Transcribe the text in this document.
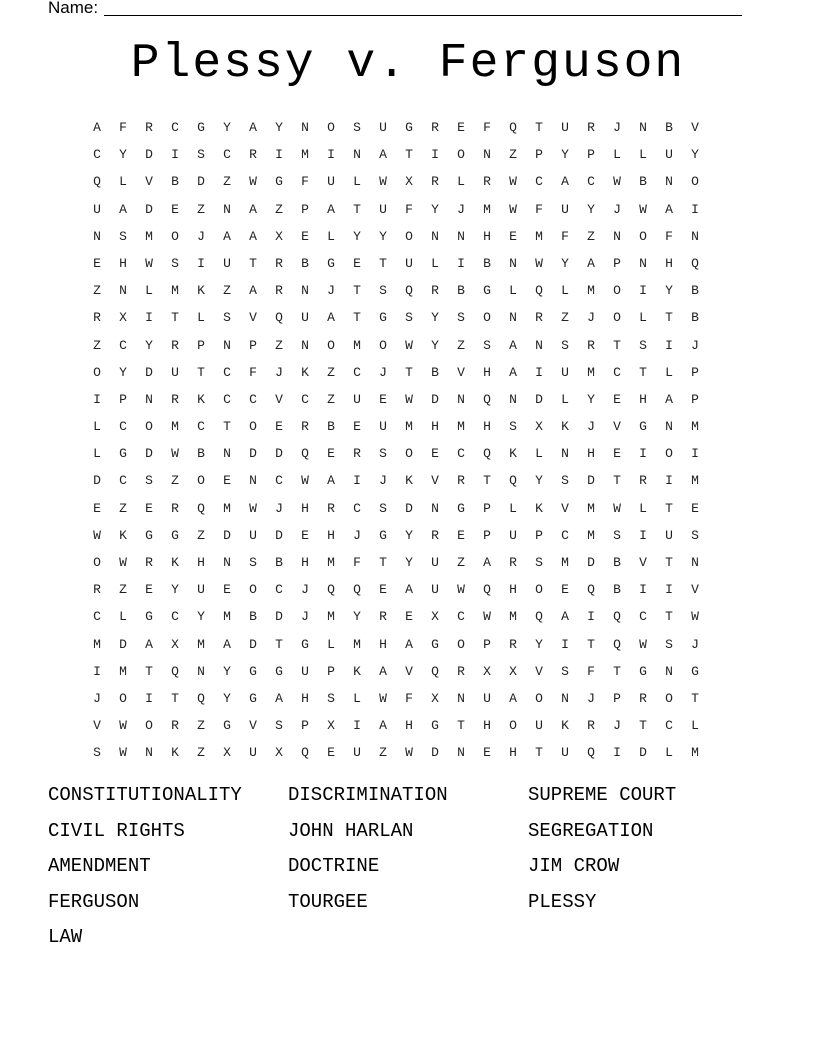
Name:
Plessy v. Ferguson
A	F	R	C	G	Y	A	Y	N	O	S	U	G	R	E	F	Q	T	U	R	J	N	B	V
C	Y	D	I	S	C	R	I	M	I	N	A	T	I	O	N	Z	P	Y	P	L	L	U	Y
Q	L	V	B	D	Z	W	G	F	U	L	W	X	R	L	R	W	C	A	C	W	B	N	O
U	A	D	E	Z	N	A	Z	P	A	T	U	F	Y	J	M	W	F	U	Y	J	W	A	I
N	S	M	O	J	A	A	X	E	L	Y	Y	O	N	N	H	E	M	F	Z	N	O	F	N
E	H	W	S	I	U	T	R	B	G	E	T	U	L	I	B	N	W	Y	A	P	N	H	Q
Z	N	L	M	K	Z	A	R	N	J	T	S	Q	R	B	G	L	Q	L	M	O	I	Y	B
R	X	I	T	L	S	V	Q	U	A	T	G	S	Y	S	O	N	R	Z	J	O	L	T	B
Z	C	Y	R	P	N	P	Z	N	O	M	O	W	Y	Z	S	A	N	S	R	T	S	I	J
O	Y	D	U	T	C	F	J	K	Z	C	J	T	B	V	H	A	I	U	M	C	T	L	P
I	P	N	R	K	C	C	V	C	Z	U	E	W	D	N	Q	N	D	L	Y	E	H	A	P
L	C	O	M	C	T	O	E	R	B	E	U	M	H	M	H	S	X	K	J	V	G	N	M
L	G	D	W	B	N	D	D	Q	E	R	S	O	E	C	Q	K	L	N	H	E	I	O	I
D	C	S	Z	O	E	N	C	W	A	I	J	K	V	R	T	Q	Y	S	D	T	R	I	M
E	Z	E	R	Q	M	W	J	H	R	C	S	D	N	G	P	L	K	V	M	W	L	T	E
W	K	G	G	Z	D	U	D	E	H	J	G	Y	R	E	P	U	P	C	M	S	I	U	S
O	W	R	K	H	N	S	B	H	M	F	T	Y	U	Z	A	R	S	M	D	B	V	T	N
R	Z	E	Y	U	E	O	C	J	Q	Q	E	A	U	W	Q	H	O	E	Q	B	I	I	V
C	L	G	C	Y	M	B	D	J	M	Y	R	E	X	C	W	M	Q	A	I	Q	C	T	W
M	D	A	X	M	A	D	T	G	L	M	H	A	G	O	P	R	Y	I	T	Q	W	S	J
I	M	T	Q	N	Y	G	G	U	P	K	A	V	Q	R	X	X	V	S	F	T	G	N	G
J	O	I	T	Q	Y	G	A	H	S	L	W	F	X	N	U	A	O	N	J	P	R	O	T
V	W	O	R	Z	G	V	S	P	X	I	A	H	G	T	H	O	U	K	R	J	T	C	L
S	W	N	K	Z	X	U	X	Q	E	U	Z	W	D	N	E	H	T	U	Q	I	D	L	M
CONSTITUTIONALITY	DISCRIMINATION	SUPREME COURT
CIVIL RIGHTS	JOHN HARLAN	SEGREGATION
AMENDMENT	DOCTRINE	JIM CROW
FERGUSON	TOURGEE	PLESSY
LAW
